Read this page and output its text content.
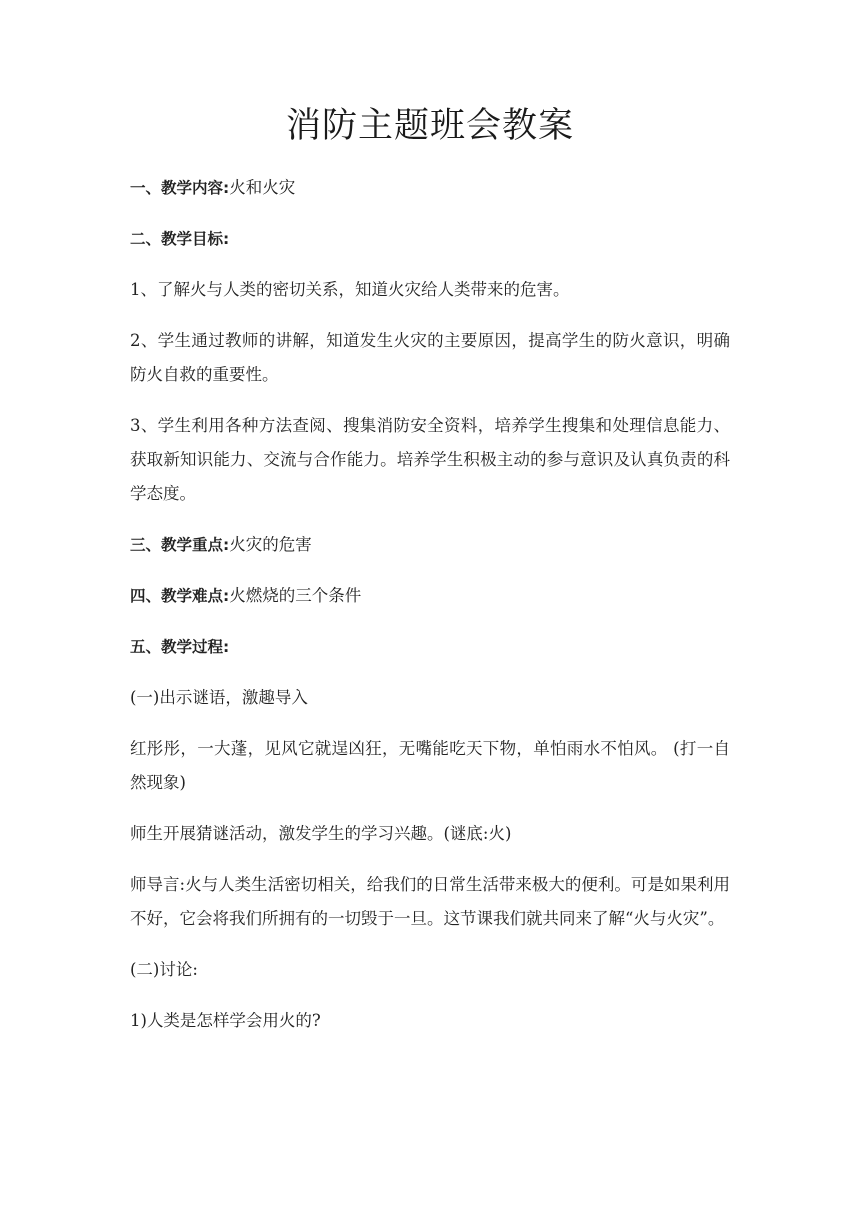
消防主题班会教案

一、教学内容:火和火灾

二、教学目标:

1、了解火与人类的密切关系，知道火灾给人类带来的危害。

2、学生通过教师的讲解，知道发生火灾的主要原因，提高学生的防火意识，明确防火自救的重要性。

3、学生利用各种方法查阅、搜集消防安全资料，培养学生搜集和处理信息能力、获取新知识能力、交流与合作能力。培养学生积极主动的参与意识及认真负责的科学态度。

三、教学重点:火灾的危害

四、教学难点:火燃烧的三个条件

五、教学过程:

(一)出示谜语，激趣导入

红彤彤，一大蓬，见风它就逞凶狂，无嘴能吃天下物，单怕雨水不怕风。 (打一自然现象)

师生开展猜谜活动，激发学生的学习兴趣。(谜底:火)

师导言:火与人类生活密切相关，给我们的日常生活带来极大的便利。可是如果利用不好，它会将我们所拥有的一切毁于一旦。这节课我们就共同来了解“火与火灾”。

(二)讨论:

1)人类是怎样学会用火的?
